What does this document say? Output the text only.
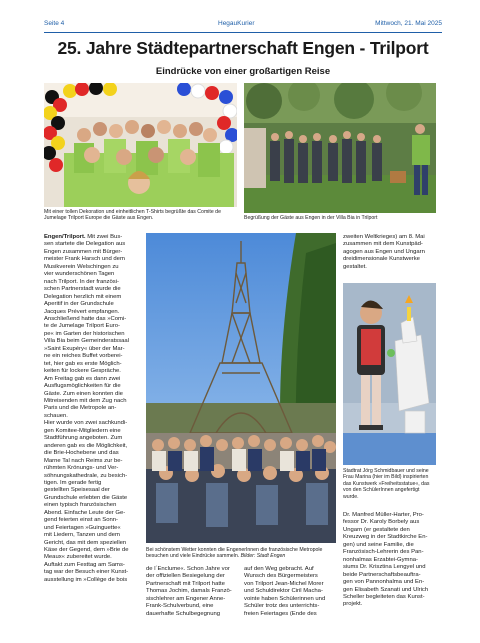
Seite 4	HegauKurier	Mittwoch, 21. Mai 2025
25. Jahre Städtepartnerschaft Engen - Trilport
Eindrücke von einer großartigen Reise
Mit einer tollen Dekoration und einheitlichen T-Shirts begrüßte das Comite de Jumelage Trilport Europe die Gäste aus Engen.	Begrüßung der Gäste aus Engen in der Villa Bia in Trilport
Bei schönstem Wetter konnten die EngenerInnen die französische Metropole besuchen und viele Eindrücke sammeln. Bilder: Stadt Engen
Stadtrat Jörg Schmidbauer und seine Frau Marina (hier im Bild) inspirierten das Kunstwerk »Freiheitsstatue«, das von den SchülerInnen angefertigt wurde.

Engen/Trilport. Mit zwei Bus-

sen startete die Delegation aus

Engen zusammen mit Bürger-

meister Frank Harsch und dem

Musikverein Welschingen zu

vier wunderschönen Tagen

nach Trilport. In der französi-

schen Partnerstadt wurde die

Delegation herzlich mit einem

Aperitif in der Grundschule

Jacques Prévert empfangen.

Anschließend hatte das »Comi-

te de Jumelage Trilport Euro-

pe« im Garten der historischen

Villa Bia beim Gemeinderatssaal

»Saint Exupéry« über der Mar-

ne ein reiches Buffet vorberei-

tet, hier gab es erste Möglich-

keiten für lockere Gespräche.

Am Freitag gab es dann zwei

Ausflugsmöglichkeiten für die

Gäste. Zum einen konnten die

Mitreisenden mit dem Zug nach

Paris und die Metropole an-

schauen.

Hier wurde von zwei sachkundi-

gen Komitee-Mitgliedern eine

Stadtführung angeboten. Zum

anderen gab es die Möglichkeit,

die Brie-Hochebene und das

Marne Tal nach Reims zur be-

rühmten Krönungs- und Ver-

söhnungskathedrale, zu besich-

tigen. Im gerade fertig

gestellten Speisesaal der

Grundschule erlebten die Gäste

einen typisch französischen

Abend. Einfache Leute der Ge-

gend feierten einst an Sonn-

und Feiertagen »Guinguette«

mit Liedern, Tanzen und dem

Gericht, das mit dem speziellen

Käse der Gegend, dem »Brie de

Meaux« zubereitet wurde.

Auftakt zum Festtag am Sams-

tag war der Besuch einer Kunst-

ausstellung im »Collège de bois

de l´Enclume«. Schon Jahre vor

der offiziellen Besiegelung der

Partnerschaft mit Trilport hatte

Thomas Jochim, damals Franzö-

sischlehrer am Engener Anne-

Frank-Schulverbund, eine

dauerhafte Schulbegegnung

auf den Weg gebracht. Auf

Wunsch des Bürgermeisters

von Trilport Jean-Michel Morer

und Schuldirektor Ciril Macha-

vointe haben Schülerinnen und

Schüler trotz des unterrichts-

freien Feiertages (Ende des

zweiten Weltkrieges) am 8. Mai

zusammen mit dem Kunstpäd-

agogen aus Engen und Ungarn

dreidimensionale Kunstwerke

gestaltet.

Dr. Manfred Müller-Harter, Pro-

fessor Dr. Karoly Borbely aus

Ungarn (er gestaltete den

Kreuzweg in der Stadtkirche En-

gen) und seine Familie, die

Französisch-Lehrerin des Pan-

nonhalmas Erzabtei-Gymna-

siums Dr. Krisztina Lengyel und

beide Partnerschaftsbeauftra-

gen von Pannonhalma und En-

gen Elisabeth Szanati und Ulrich

Scheller begleiteten das Kunst-

projekt.
